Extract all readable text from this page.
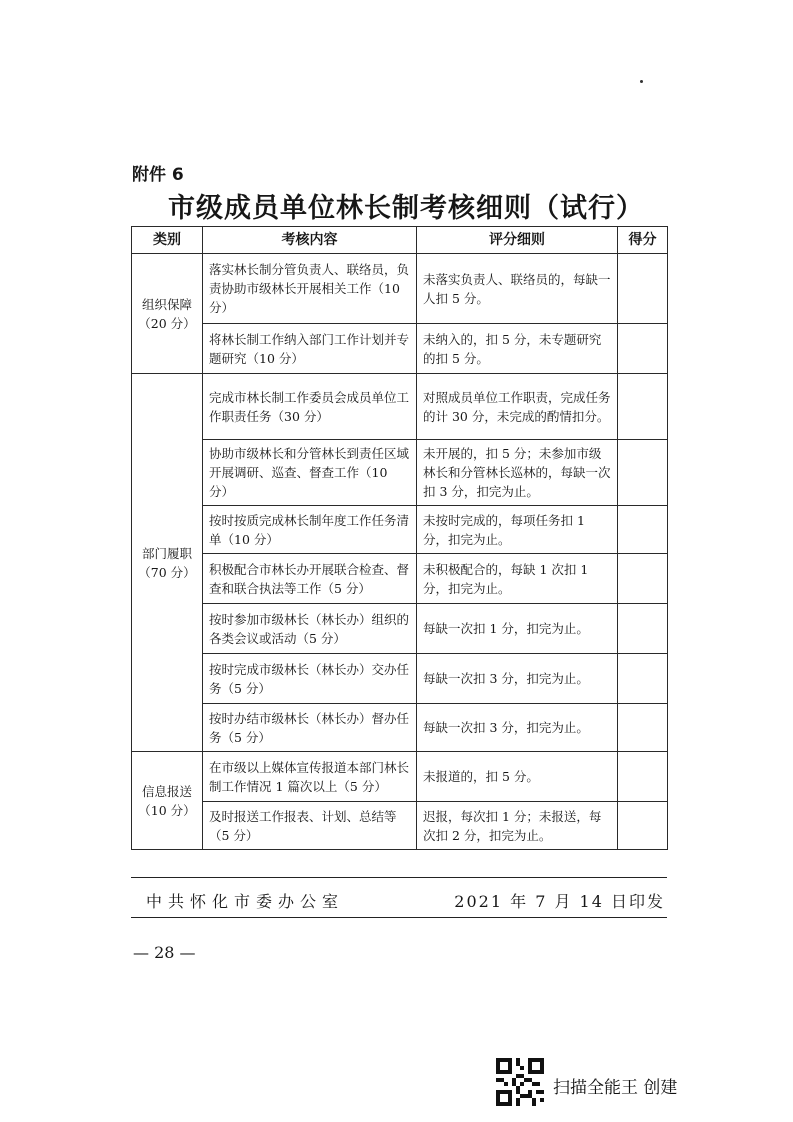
附件 6
市级成员单位林长制考核细则（试行）
类别	考核内容	评分细则	得分

组织保障
（20 分）	落实林长制分管负责人、联络员，负责协助市级林长开展相关工作（10 分）	未落实负责人、联络员的，每缺一人扣 5 分。	
	将林长制工作纳入部门工作计划并专题研究（10 分）	未纳入的，扣 5 分，未专题研究的扣 5 分。	

部门履职
（70 分）	完成市林长制工作委员会成员单位工作职责任务（30 分）	对照成员单位工作职责，完成任务的计 30 分，未完成的酌情扣分。	
	协助市级林长和分管林长到责任区域开展调研、巡查、督查工作（10 分）	未开展的，扣 5 分；未参加市级林长和分管林长巡林的，每缺一次扣 3 分，扣完为止。	
	按时按质完成林长制年度工作任务清单（10 分）	未按时完成的，每项任务扣 1 分，扣完为止。	
	积极配合市林长办开展联合检查、督查和联合执法等工作（5 分）	未积极配合的，每缺 1 次扣 1 分，扣完为止。	
	按时参加市级林长（林长办）组织的各类会议或活动（5 分）	每缺一次扣 1 分，扣完为止。	
	按时完成市级林长（林长办）交办任务（5 分）	每缺一次扣 3 分，扣完为止。	
	按时办结市级林长（林长办）督办任务（5 分）	每缺一次扣 3 分，扣完为止。	

信息报送
（10 分）	在市级以上媒体宣传报道本部门林长制工作情况 1 篇次以上（5 分）	未报道的，扣 5 分。	
	及时报送工作报表、计划、总结等（5 分）	迟报，每次扣 1 分；未报送，每次扣 2 分，扣完为止。	
中共怀化市委办公室	2021 年 7 月 14 日印发
— 28 —
扫描全能王 创建
